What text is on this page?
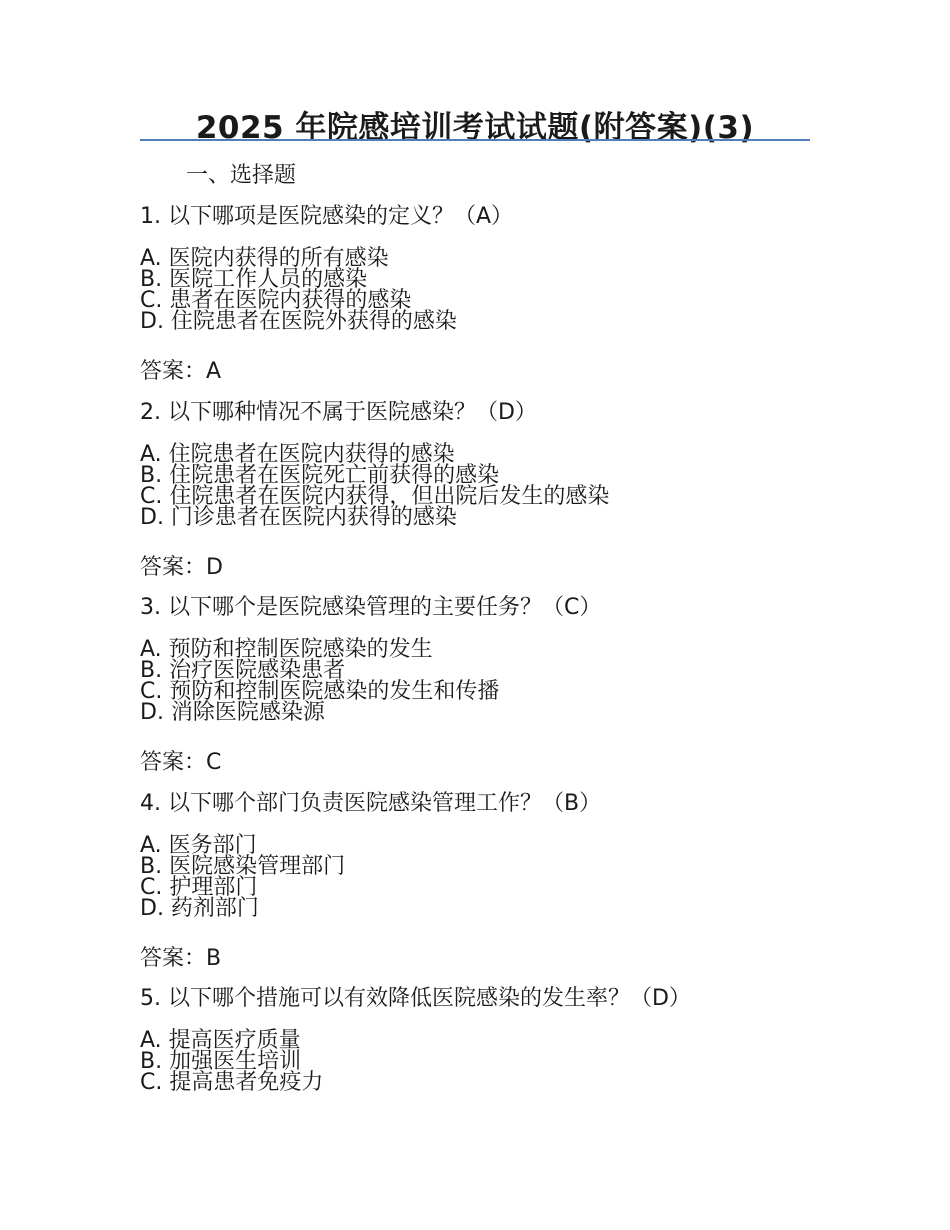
2025 年院感培训考试试题(附答案)(3)
一、选择题
1. 以下哪项是医院感染的定义？（A）
A. 医院内获得的所有感染
B. 医院工作人员的感染
C. 患者在医院内获得的感染
D. 住院患者在医院外获得的感染
答案：A
2. 以下哪种情况不属于医院感染？（D）
A. 住院患者在医院内获得的感染
B. 住院患者在医院死亡前获得的感染
C. 住院患者在医院内获得，但出院后发生的感染
D. 门诊患者在医院内获得的感染
答案：D
3. 以下哪个是医院感染管理的主要任务？（C）
A. 预防和控制医院感染的发生
B. 治疗医院感染患者
C. 预防和控制医院感染的发生和传播
D. 消除医院感染源
答案：C
4. 以下哪个部门负责医院感染管理工作？（B）
A. 医务部门
B. 医院感染管理部门
C. 护理部门
D. 药剂部门
答案：B
5. 以下哪个措施可以有效降低医院感染的发生率？（D）
A. 提高医疗质量
B. 加强医生培训
C. 提高患者免疫力
